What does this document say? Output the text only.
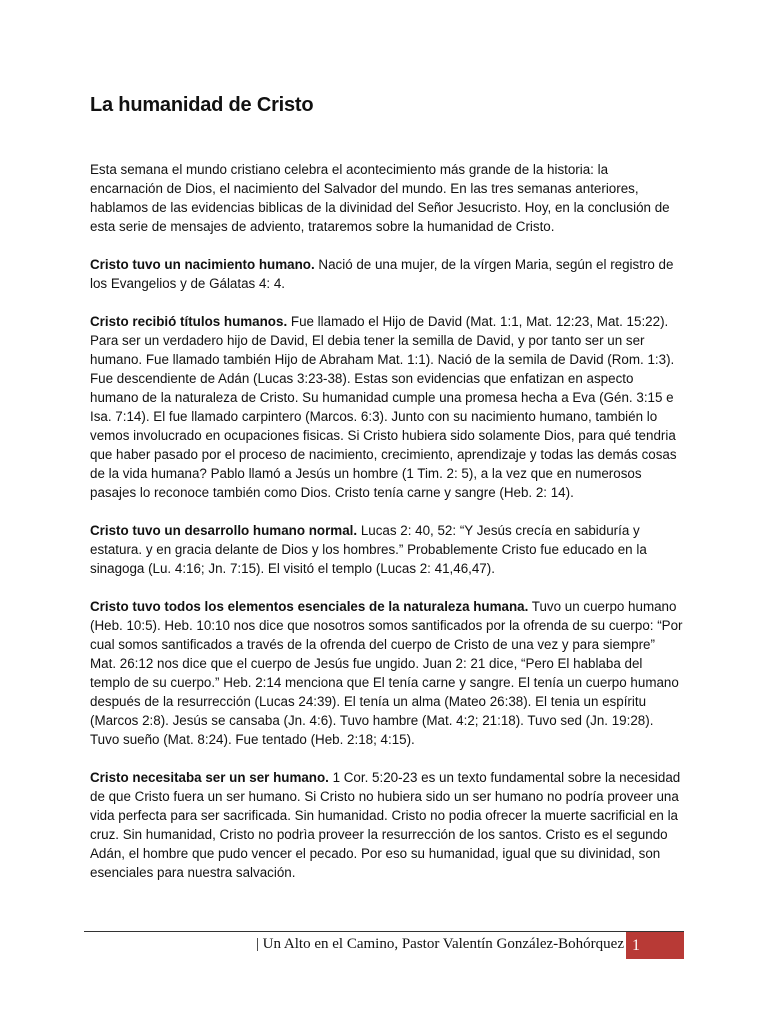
La humanidad de Cristo

Esta semana el mundo cristiano celebra el acontecimiento más grande de la historia: la encarnación de Dios, el nacimiento del Salvador del mundo. En las tres semanas anteriores, hablamos de las evidencias biblicas de la divinidad del Señor Jesucristo. Hoy, en la conclusión de esta serie de mensajes de adviento, trataremos sobre la humanidad de Cristo.

Cristo tuvo un nacimiento humano. Nació de una mujer, de la vírgen Maria, según el registro de los Evangelios y de Gálatas 4: 4.

Cristo recibió títulos humanos. Fue llamado el Hijo de David (Mat. 1:1, Mat. 12:23, Mat. 15:22). Para ser un verdadero hijo de David, El debia tener la semilla de David, y por tanto ser un ser humano. Fue llamado también Hijo de Abraham Mat. 1:1). Nació de la semila de David (Rom. 1:3). Fue descendiente de Adán (Lucas 3:23-38). Estas son evidencias que enfatizan en aspecto humano de la naturaleza de Cristo. Su humanidad cumple una promesa hecha a Eva (Gén. 3:15 e Isa. 7:14). El fue llamado carpintero (Marcos. 6:3). Junto con su nacimiento humano, también lo vemos involucrado en ocupaciones fisicas. Si Cristo hubiera sido solamente Dios, para qué tendria que haber pasado por el proceso de nacimiento, crecimiento, aprendizaje y todas las demás cosas de la vida humana? Pablo llamó a Jesús un hombre (1 Tim. 2: 5), a la vez que en numerosos pasajes lo reconoce también como Dios. Cristo tenía carne y sangre (Heb. 2: 14).

Cristo tuvo un desarrollo humano normal. Lucas 2: 40, 52: “Y Jesús crecía en sabiduría y estatura. y en gracia delante de Dios y los hombres.” Probablemente Cristo fue educado en la sinagoga (Lu. 4:16; Jn. 7:15). El visitó el templo (Lucas 2: 41,46,47).

Cristo tuvo todos los elementos esenciales de la naturaleza humana. Tuvo un cuerpo humano (Heb. 10:5). Heb. 10:10 nos dice que nosotros somos santificados por la ofrenda de su cuerpo: “Por cual somos santificados a través de la ofrenda del cuerpo de Cristo de una vez y para siempre” Mat. 26:12 nos dice que el cuerpo de Jesús fue ungido. Juan 2: 21 dice, “Pero El hablaba del templo de su cuerpo.” Heb. 2:14 menciona que El tenía carne y sangre. El tenía un cuerpo humano después de la resurrección (Lucas 24:39). El tenía un alma (Mateo 26:38). El tenia un espíritu (Marcos 2:8). Jesús se cansaba (Jn. 4:6). Tuvo hambre (Mat. 4:2; 21:18). Tuvo sed (Jn. 19:28). Tuvo sueño (Mat. 8:24). Fue tentado (Heb. 2:18; 4:15).

Cristo necesitaba ser un ser humano. 1 Cor. 5:20-23 es un texto fundamental sobre la necesidad de que Cristo fuera un ser humano. Si Cristo no hubiera sido un ser humano no podría proveer una vida perfecta para ser sacrificada. Sin humanidad. Cristo no podia ofrecer la muerte sacrificial en la cruz. Sin humanidad, Cristo no podrìa proveer la resurrección de los santos. Cristo es el segundo Adán, el hombre que pudo vencer el pecado. Por eso su humanidad, igual que su divinidad, son esenciales para nuestra salvación.

| Un Alto en el Camino, Pastor Valentín González-Bohórquez 1
